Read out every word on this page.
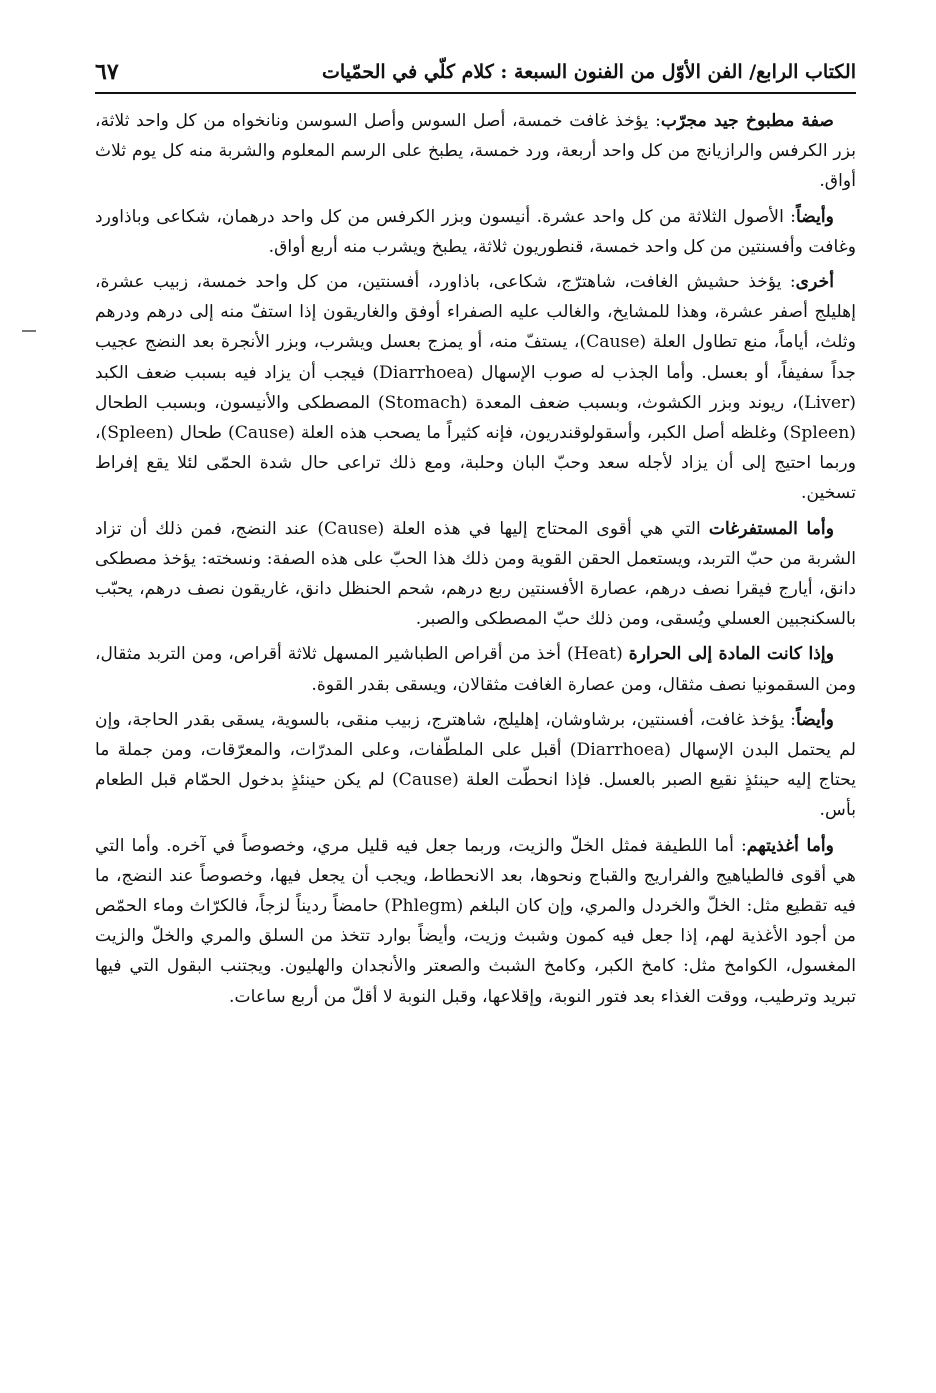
الكتاب الرابع/ الفن الأوّل من الفنون السبعة : كلام كلّي في الحمّيات
٦٧

صفة مطبوخ جيد مجرّب: يؤخذ غافت خمسة، أصل السوس وأصل السوسن ونانخواه من كل واحد ثلاثة، بزر الكرفس والرازيانج من كل واحد أربعة، ورد خمسة، يطبخ على الرسم المعلوم والشربة منه كل يوم ثلاث أواق.

وأيضاً: الأصول الثلاثة من كل واحد عشرة. أنيسون وبزر الكرفس من كل واحد درهمان، شكاعى وباذاورد وغافت وأفسنتين من كل واحد خمسة، قنطوريون ثلاثة، يطبخ ويشرب منه أربع أواق.

أخرى: يؤخذ حشيش الغافت، شاهترّج، شكاعى، باذاورد، أفسنتين، من كل واحد خمسة، زبيب عشرة، إهليلج أصفر عشرة، وهذا للمشايخ، والغالب عليه الصفراء أوفق والغاريقون إذا استفّ منه إلى درهم ودرهم وثلث، أياماً، منع تطاول العلة (Cause)، يستفّ منه، أو يمزج بعسل ويشرب، وبزر الأنجرة بعد النضج عجيب جداً سفيفاً، أو بعسل. وأما الجذب له صوب الإسهال (Diarrhoea) فيجب أن يزاد فيه بسبب ضعف الكبد (Liver)، ريوند وبزر الكشوث، وبسبب ضعف المعدة (Stomach) المصطكى والأنيسون، وبسبب الطحال (Spleen) وغلظه أصل الكبر، وأسقولوقندريون، فإنه كثيراً ما يصحب هذه العلة (Cause) طحال (Spleen)، وربما احتيج إلى أن يزاد لأجله سعد وحبّ البان وحلبة، ومع ذلك تراعى حال شدة الحمّى لئلا يقع إفراط تسخين.

وأما المستفرغات التي هي أقوى المحتاج إليها في هذه العلة (Cause) عند النضج، فمن ذلك أن تزاد الشربة من حبّ التربد، ويستعمل الحقن القوية ومن ذلك هذا الحبّ على هذه الصفة: ونسخته: يؤخذ مصطكى دانق، أيارج فيقرا نصف درهم، عصارة الأفسنتين ربع درهم، شحم الحنظل دانق، غاريقون نصف درهم، يحبّب بالسكنجبين العسلي ويُسقى، ومن ذلك حبّ المصطكى والصبر.

وإذا كانت المادة إلى الحرارة (Heat) أخذ من أقراص الطباشير المسهل ثلاثة أقراص، ومن التربد مثقال، ومن السقمونيا نصف مثقال، ومن عصارة الغافت مثقالان، ويسقى بقدر القوة.

وأيضاً: يؤخذ غافت، أفسنتين، برشاوشان، إهليلج، شاهترج، زبيب منقى، بالسوية، يسقى بقدر الحاجة، وإن لم يحتمل البدن الإسهال (Diarrhoea) أقبل على الملطّفات، وعلى المدرّات، والمعرّقات، ومن جملة ما يحتاج إليه حينئذٍ نقيع الصبر بالعسل. فإذا انحطّت العلة (Cause) لم يكن حينئذٍ بدخول الحمّام قبل الطعام بأس.

وأما أغذيتهم: أما اللطيفة فمثل الخلّ والزيت، وربما جعل فيه قليل مري، وخصوصاً في آخره. وأما التي هي أقوى فالطياهيج والفراريج والقباج ونحوها، بعد الانحطاط، ويجب أن يجعل فيها، وخصوصاً عند النضج، ما فيه تقطيع مثل: الخلّ والخردل والمري، وإن كان البلغم (Phlegm) حامضاً رديناً لزجاً، فالكرّاث وماء الحمّص من أجود الأغذية لهم، إذا جعل فيه كمون وشبث وزيت، وأيضاً بوارد تتخذ من السلق والمري والخلّ والزيت المغسول، الكوامخ مثل: كامخ الكبر، وكامخ الشبث والصعتر والأنجدان والهليون. ويجتنب البقول التي فيها تبريد وترطيب، ووقت الغذاء بعد فتور النوبة، وإقلاعها، وقبل النوبة لا أقلّ من أربع ساعات.
